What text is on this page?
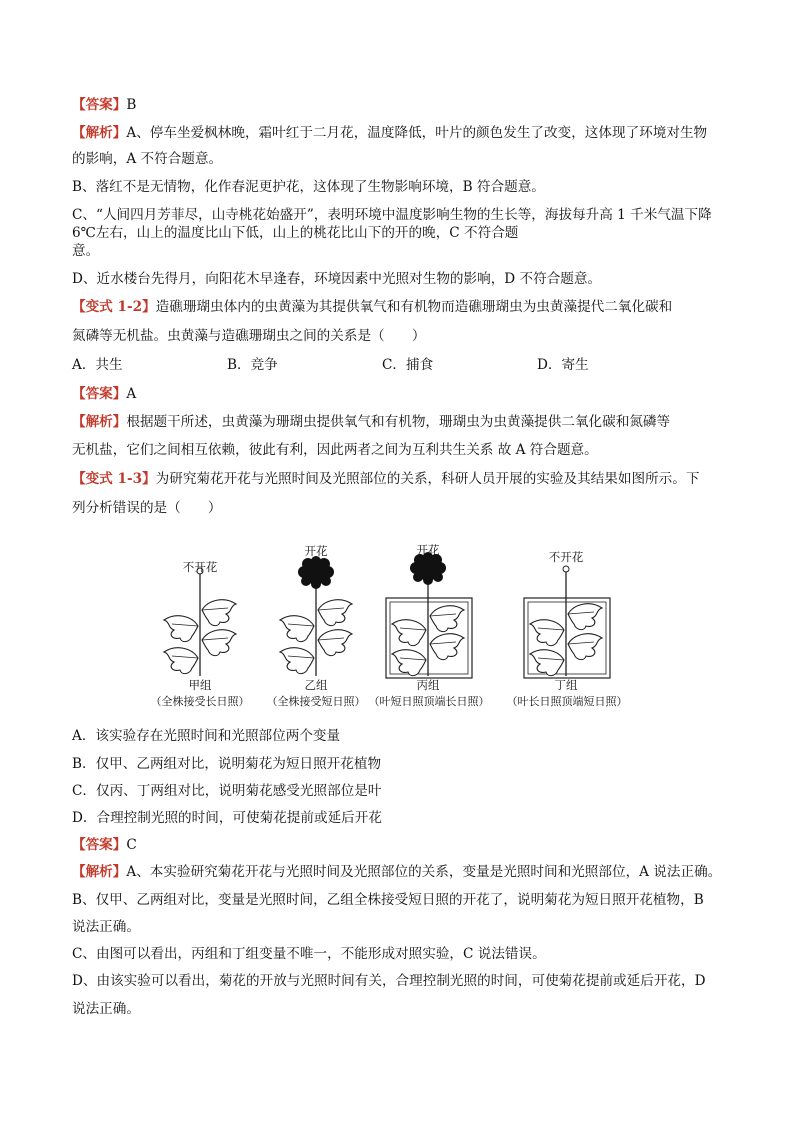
【答案】B
【解析】A、停车坐爱枫林晚，霜叶红于二月花，温度降低，叶片的颜色发生了改变，这体现了环境对生物
的影响，A 不符合题意。
B、落红不是无情物，化作春泥更护花，这体现了生物影响环境，B 符合题意。
C、“人间四月芳菲尽，山寺桃花始盛开”，表明环境中温度影响生物的生长等，海拔每升高 1 千米气温下降
6℃左右，山上的温度比山下低，山上的桃花比山下的开的晚，C 不符合题
意。
D、近水楼台先得月，向阳花木早逢春，环境因素中光照对生物的影响，D 不符合题意。
【变式 1-2】造礁珊瑚虫体内的虫黄藻为其提供氧气和有机物而造礁珊瑚虫为虫黄藻提代二氧化碳和
氮磷等无机盐。虫黄藻与造礁珊瑚虫之间的关系是（　　）
A．共生	B．竞争	C．捕食	D．寄生
【答案】A
【解析】根据题干所述，虫黄藻为珊瑚虫提供氧气和有机物，珊瑚虫为虫黄藻提供二氧化碳和氮磷等
无机盐，它们之间相互依赖，彼此有利，因此两者之间为互利共生关系 故 A 符合题意。
【变式 1-3】为研究菊花开花与光照时间及光照部位的关系，科研人员开展的实验及其结果如图所示。下
列分析错误的是（　　）
不开花
开花	开花	不开花
甲组	乙组	丙组	丁组
（全株接受长日照）	（全株接受短日照） （叶短日照顶端长日照）	（叶长日照顶端短日照）
A．该实验存在光照时间和光照部位两个变量
B．仅甲、乙两组对比，说明菊花为短日照开花植物
C．仅丙、丁两组对比，说明菊花感受光照部位是叶
D．合理控制光照的时间，可使菊花提前或延后开花
【答案】C
【解析】A、本实验研究菊花开花与光照时间及光照部位的关系，变量是光照时间和光照部位，A 说法正确。
B、仅甲、乙两组对比，变量是光照时间，乙组全株接受短日照的开花了，说明菊花为短日照开花植物，B
说法正确。
C、由图可以看出，丙组和丁组变量不唯一，不能形成对照实验，C 说法错误。
D、由该实验可以看出，菊花的开放与光照时间有关，合理控制光照的时间，可使菊花提前或延后开花，D
说法正确。
